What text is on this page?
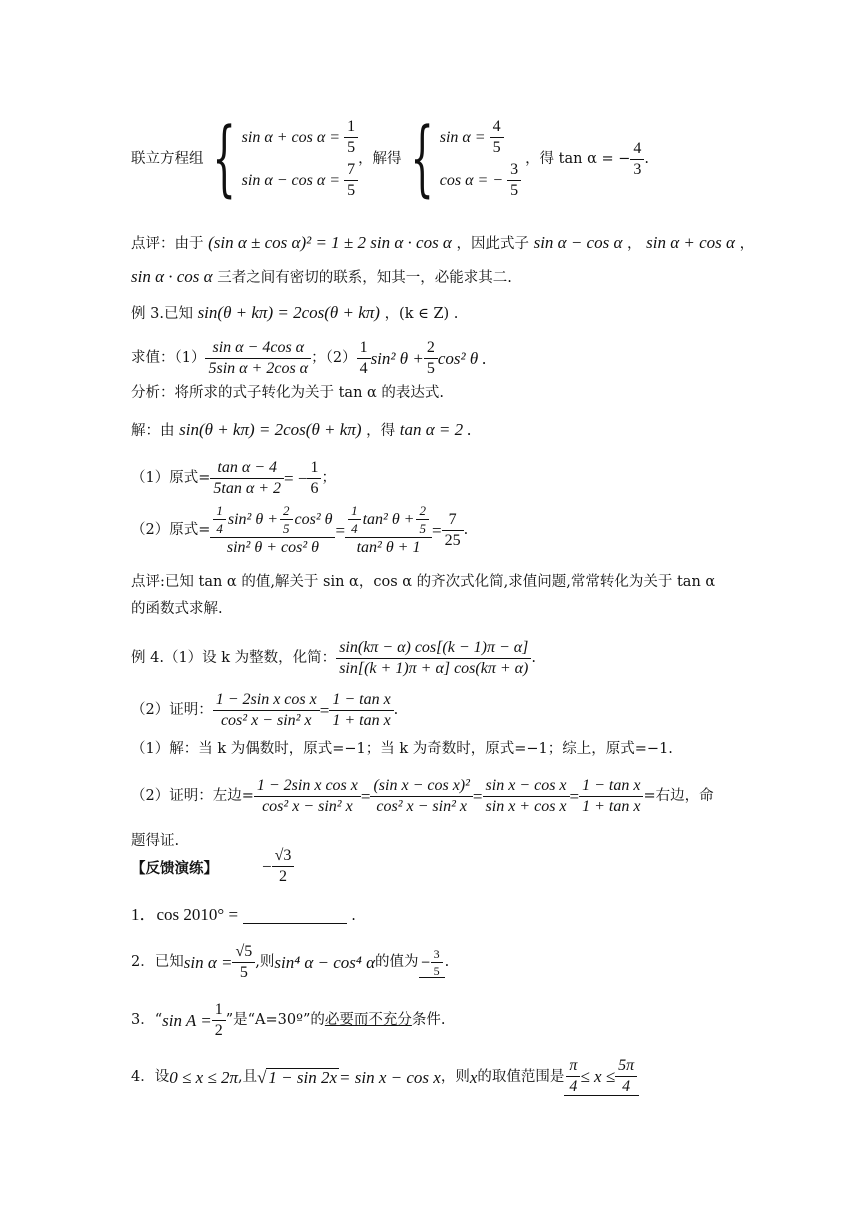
联立方程组 { $\sin \alpha + \cos \alpha = \frac{1}{5}$
$\sin \alpha - \cos \alpha = \frac{7}{5}$
，解得 { $\sin \alpha = \frac{4}{5}$
cos α = − $\frac{3}{5}$
，得 tan α = − $\frac{4}{3}$ .
点评：由于 (sin α ± cos α)² = 1 ± 2 sin α · cos α ，因此式子 sin α − cos α ， sin α + cos α ，
sin α · cos α 三者之间有密切的联系，知其一，必能求其二.
例 3.已知 sin(θ + kπ) = 2cos(θ + kπ) ，(k ∈ Z) .
求值：$(1) \frac{\text{sin α − 4cos α}}{\text{5sin α + 2cos α}}$ ；$(2) \frac{1}{4} \sin^2$ $\theta + \frac{2}{5} \cos^2$ θ .
分析：将所求的式子转化为关于 tan α 的表达式.
解：由 sin(θ + kπ) = 2cos(θ + kπ) ，得 tan α = 2 .
（1）原式= $\frac{\text{tan α − 4}}{\text{5tan α + 2}}$ = − $\frac{1}{6}$ ；
（2）原式= $\frac{\frac{1}{4} \sin^2 \theta + \frac{2}{5} \cos^2 \theta}{\text{sin² θ + cos² θ}} = \frac{\frac{1}{4} \tan^2 \theta + \frac{2}{5}}{\text{tan² θ + 1}} = \frac{7}{25}$ .
点评:已知 tan α 的值,解关于 sin α，cos α 的齐次式化简,求值问题,常常转化为关于 tan α
的函数式求解.
例 4.（1）设 k 为整数，化简： $\frac{\sin(k\pi - \alpha) \cos[(k - 1)\pi - \alpha]}{\sin[(k + 1)\pi + \alpha] \cos(k\pi + \alpha)}$ .
（2）证明： $\frac{\text{1 − 2sin x cos x}}{\text{cos² x − sin² x}} = \frac{\text{1 − tan x}}{\text{1 + tan x}}$ .
（1）解：当 k 为偶数时，原式=−1；当 k 为奇数时，原式=−1；综上，原式=−1.
（2）证明：左边= $\frac{\text{1 − 2sin x cos x}}{\text{cos² x − sin² x}} = \frac{\text{(sin x − cos x)²}}{\text{cos² x − sin² x}} = \frac{\text{sin x − cos x}}{\text{sin x + cos x}} = \frac{\text{1 − tan x}}{\text{1 + tan x}}$ =右边，命
题得证.
【反馈演练】	− $\frac{√3}{2}$
1．cos 2010° =	.
2．已知 $\sin \alpha = \frac{√5}{5}$ ,则 sin⁴ α − cos⁴ α 的值为 − $\frac{3}{5}$ .
3．“ $\sin A = \frac{1}{2}$ ”是“A=30º”的 必要而不充分 条件.
4．设 0 ≤ x ≤ 2π ,且 √ 1 − sin 2x = sin x − cos x ，则 x 的取值范围是 $\frac{\pi}{4} \le x \le \frac{5\pi}{4}$
